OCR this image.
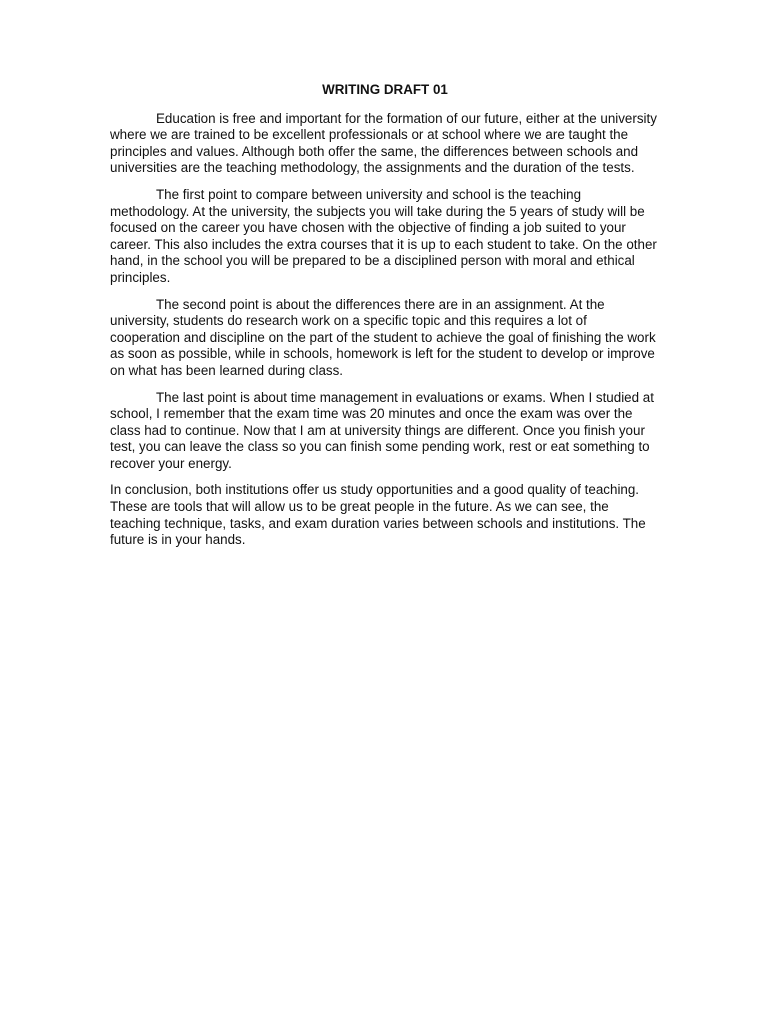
WRITING DRAFT 01

Education is free and important for the formation of our future, either at the university where we are trained to be excellent professionals or at school where we are taught the principles and values. Although both offer the same, the differences between schools and universities are the teaching methodology, the assignments and the duration of the tests.

The first point to compare between university and school is the teaching methodology. At the university, the subjects you will take during the 5 years of study will be focused on the career you have chosen with the objective of finding a job suited to your career. This also includes the extra courses that it is up to each student to take. On the other hand, in the school you will be prepared to be a disciplined person with moral and ethical principles.

The second point is about the differences there are in an assignment. At the university, students do research work on a specific topic and this requires a lot of cooperation and discipline on the part of the student to achieve the goal of finishing the work as soon as possible, while in schools, homework is left for the student to develop or improve on what has been learned during class.

The last point is about time management in evaluations or exams. When I studied at school, I remember that the exam time was 20 minutes and once the exam was over the class had to continue. Now that I am at university things are different. Once you finish your test, you can leave the class so you can finish some pending work, rest or eat something to recover your energy.

In conclusion, both institutions offer us study opportunities and a good quality of teaching. These are tools that will allow us to be great people in the future. As we can see, the teaching technique, tasks, and exam duration varies between schools and institutions. The future is in your hands.
